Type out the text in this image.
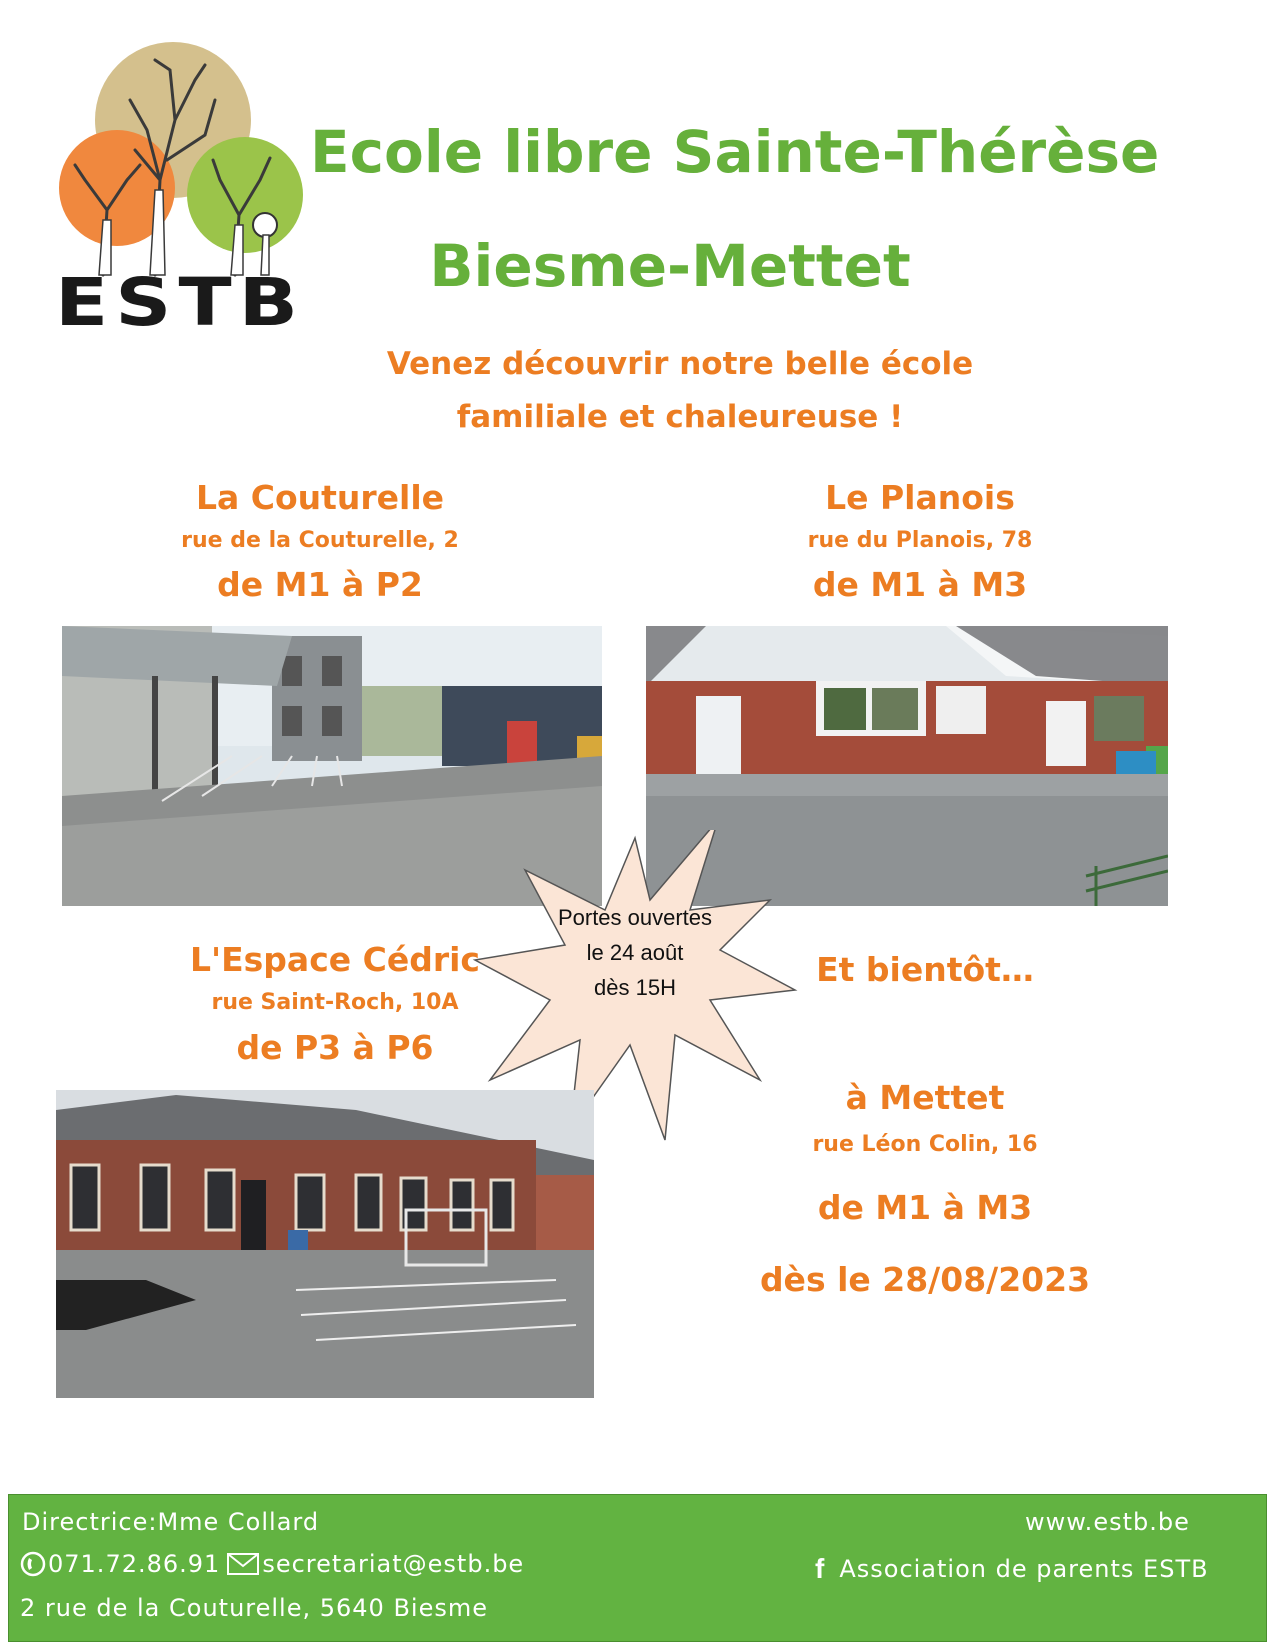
ESTB
Ecole libre Sainte-Thérèse
Biesme-Mettet
Venez découvrir notre belle école
familiale et chaleureuse !
La Couturelle
rue de la Couturelle, 2
de M1 à P2
Le Planois
rue du Planois, 78
de M1 à M3
Portes ouvertes
le 24 août
dès 15H
L'Espace Cédric
rue Saint-Roch, 10A
de P3 à P6
Et bientôt…
à Mettet
rue Léon Colin, 16
de M1 à M3
dès le 28/08/2023
Directrice:Mme Collard
071.72.86.91 secretariat@estb.be
2 rue de la Couturelle, 5640 Biesme
www.estb.be
f Association de parents ESTB
